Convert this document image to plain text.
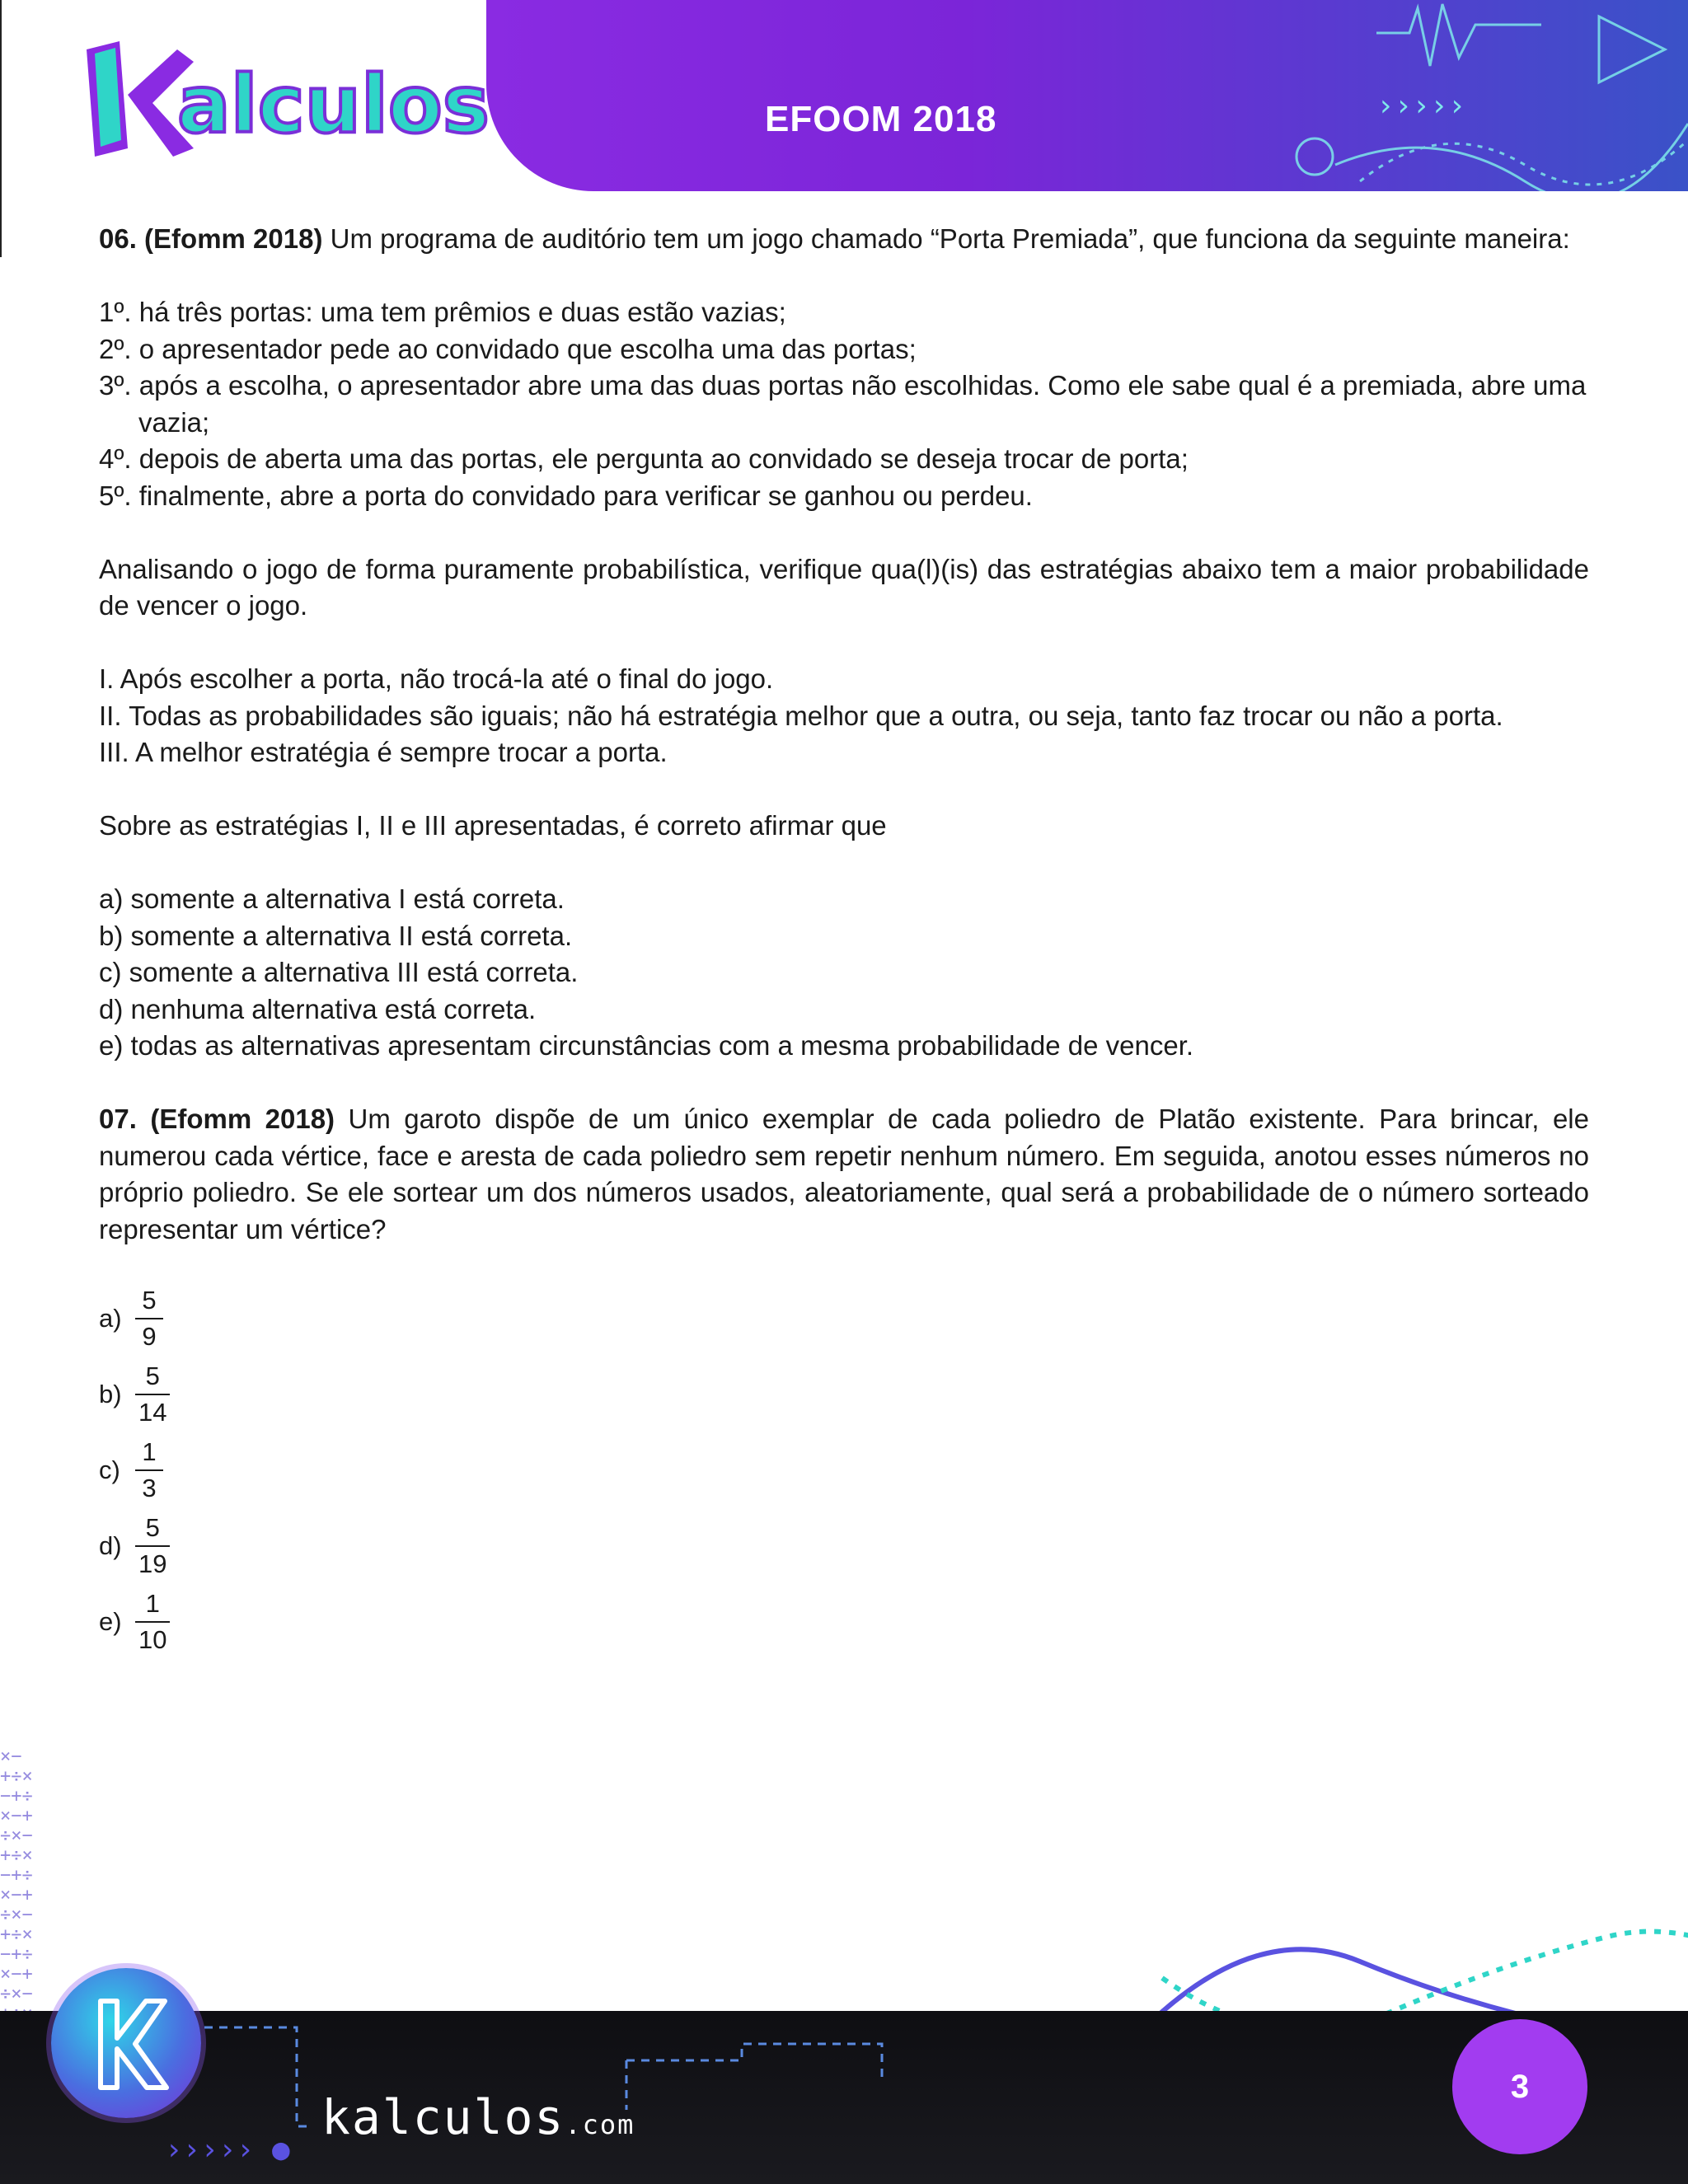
›››››
EFOOM 2018
alculos

06. (Efomm 2018) Um programa de auditório tem um jogo chamado “Porta Premiada”, que funciona da seguinte maneira:

1º. há três portas: uma tem prêmios e duas estão vazias;

2º. o apresentador pede ao convidado que escolha uma das portas;

3º. após a escolha, o apresentador abre uma das duas portas não escolhidas. Como ele sabe qual é a premiada, abre uma vazia;

4º. depois de aberta uma das portas, ele pergunta ao convidado se deseja trocar de porta;

5º. finalmente, abre a porta do convidado para verificar se ganhou ou perdeu.

Analisando o jogo de forma puramente probabilística, verifique qua(l)(is) das estratégias abaixo tem a maior probabilidade de vencer o jogo.

I. Após escolher a porta, não trocá-la até o final do jogo.

II. Todas as probabilidades são iguais; não há estratégia melhor que a outra, ou seja, tanto faz trocar ou não a porta.

III. A melhor estratégia é sempre trocar a porta.

Sobre as estratégias I, II e III apresentadas, é correto afirmar que

a) somente a alternativa I está correta.

b) somente a alternativa II está correta.

c) somente a alternativa III está correta.

d) nenhuma alternativa está correta.

e) todas as alternativas apresentam circunstâncias com a mesma probabilidade de vencer.

07. (Efomm 2018) Um garoto dispõe de um único exemplar de cada poliedro de Platão existente. Para brincar, ele numerou cada vértice, face e aresta de cada poliedro sem repetir nenhum número. Em seguida, anotou esses números no próprio poliedro. Se ele sortear um dos números usados, aleatoriamente, qual será a probabilidade de o número sorteado representar um vértice?

$a) \frac{5}{9}$
$b) \frac{5}{14}$
$c) \frac{1}{3}$
$d) \frac{5}{19}$
$e) \frac{1}{10}$
×−
+÷×
−+÷
×−+
÷×−
+÷×
−+÷
×−+
÷×−
+÷×
−+÷
×−+
÷×−

››››› ●
kalculos.com
3
